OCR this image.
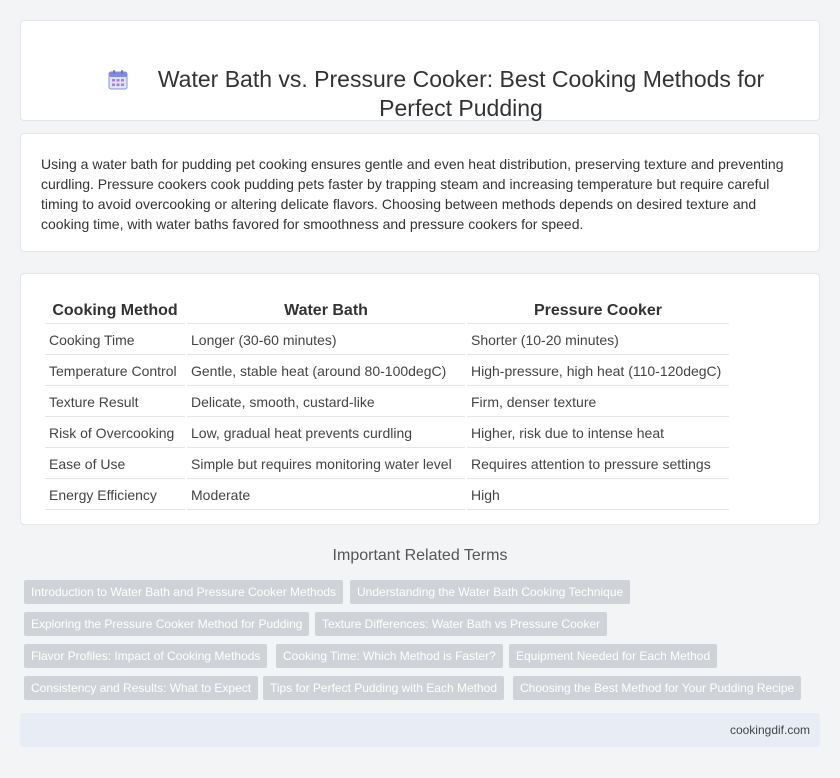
Water Bath vs. Pressure Cooker: Best Cooking Methods for Perfect Pudding

Using a water bath for pudding pet cooking ensures gentle and even heat distribution, preserving texture and preventing curdling. Pressure cookers cook pudding pets faster by trapping steam and increasing temperature but require careful timing to avoid overcooking or altering delicate flavors. Choosing between methods depends on desired texture and cooking time, with water baths favored for smoothness and pressure cookers for speed.

Cooking Method	Water Bath	Pressure Cooker
Cooking Time	Longer (30-60 minutes)	Shorter (10-20 minutes)
Temperature Control	Gentle, stable heat (around 80-100degC)	High-pressure, high heat (110-120degC)
Texture Result	Delicate, smooth, custard-like	Firm, denser texture
Risk of Overcooking	Low, gradual heat prevents curdling	Higher, risk due to intense heat
Ease of Use	Simple but requires monitoring water level	Requires attention to pressure settings
Energy Efficiency	Moderate	High
Important Related Terms
Introduction to Water Bath and Pressure Cooker Methods	Understanding the Water Bath Cooking Technique
Exploring the Pressure Cooker Method for Pudding	Texture Differences: Water Bath vs Pressure Cooker
Flavor Profiles: Impact of Cooking Methods	Cooking Time: Which Method is Faster?	Equipment Needed for Each Method
Consistency and Results: What to Expect	Tips for Perfect Pudding with Each Method	Choosing the Best Method for Your Pudding Recipe
cookingdif.com
